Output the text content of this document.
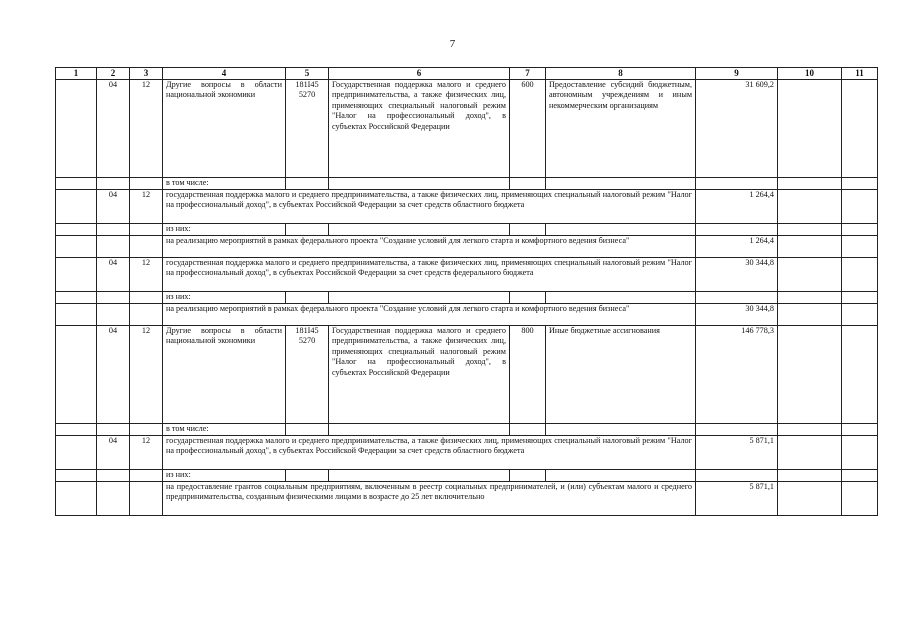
7
1	2	3	4	5	6	7	8	9	10	11
	04	12	Другие вопросы в области национальной экономики	181I45 5270	Государственная поддержка малого и среднего предпринимательства, а также физических лиц, применяющих специальный налоговый режим "Налог на профессиональный доход", в субъектах Российской Федерации	600	Предоставление субсидий бюджетным, автономным учреждениям и иным некоммерческим организациям	31 609,2		
			в том числе:							
	04	12	государственная поддержка малого и среднего предпринимательства, а также физических лиц, применяющих специальный налоговый режим "Налог на профессиональный доход", в субъектах Российской Федерации за счет средств областного бюджета					1 264,4		
			из них:							
			на реализацию мероприятий в рамках федерального проекта "Создание условий для легкого старта и комфортного ведения бизнеса"					1 264,4		
	04	12	государственная поддержка малого и среднего предпринимательства, а также физических лиц, применяющих специальный налоговый режим "Налог на профессиональный доход", в субъектах Российской Федерации за счет средств федерального бюджета					30 344,8		
			из них:							
			на реализацию мероприятий в рамках федерального проекта "Создание условий для легкого старта и комфортного ведения бизнеса"					30 344,8		
	04	12	Другие вопросы в области национальной экономики	181I45 5270	Государственная поддержка малого и среднего предпринимательства, а также физических лиц, применяющих специальный налоговый режим "Налог на профессиональный доход", в субъектах Российской Федерации	800	Иные бюджетные ассигнования	146 778,3		
			в том числе:							
	04	12	государственная поддержка малого и среднего предпринимательства, а также физических лиц, применяющих специальный налоговый режим "Налог на профессиональный доход", в субъектах Российской Федерации за счет средств областного бюджета					5 871,1		
			из них:							
			на предоставление грантов социальным предприятиям, включенным в реестр социальных предпринимателей, и (или) субъектам малого и среднего предпринимательства, созданным физическими лицами в возрасте до 25 лет включительно					5 871,1		
